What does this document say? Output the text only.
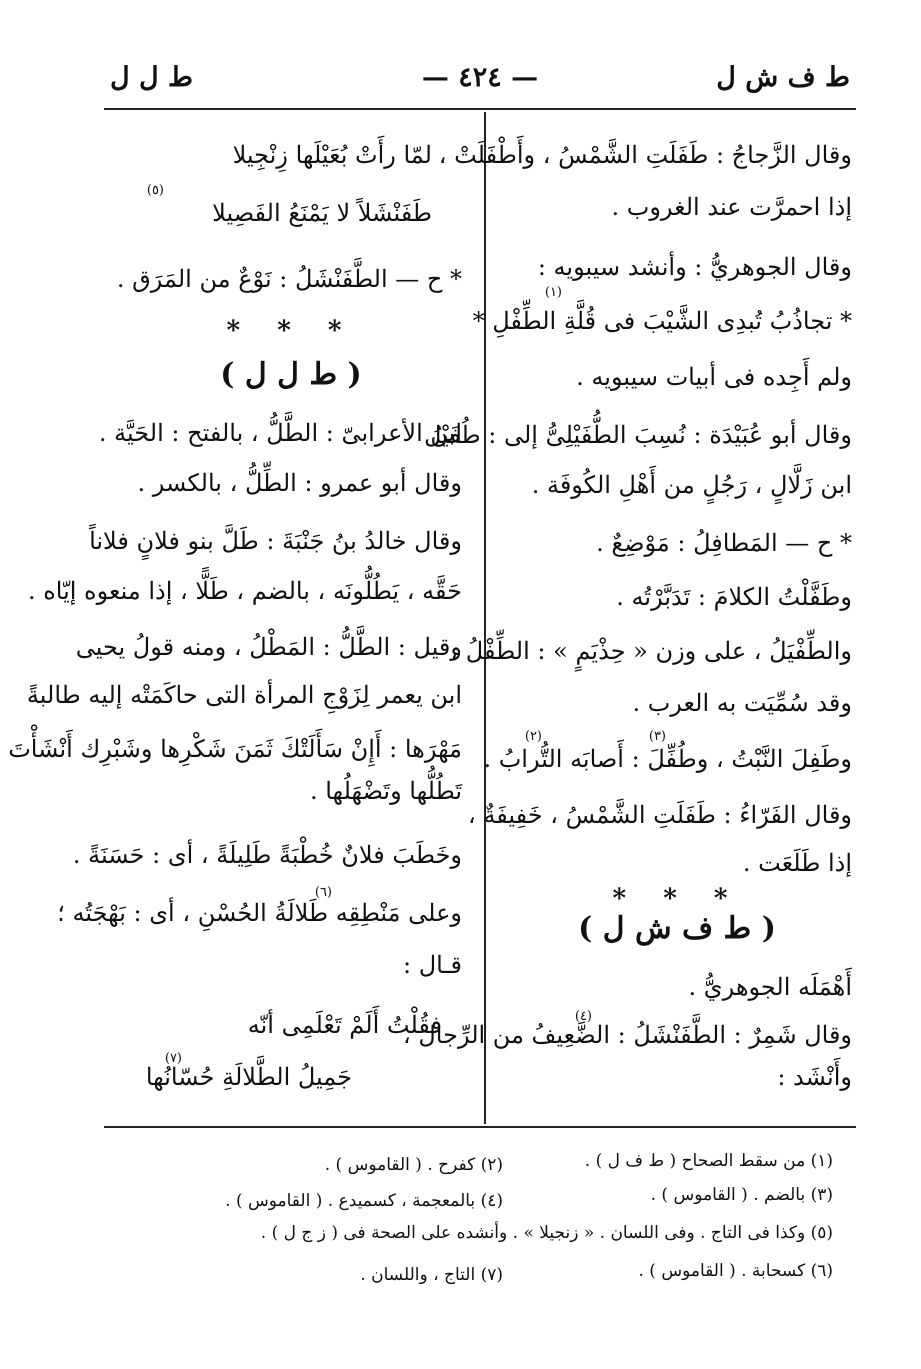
ط ف ش ل
— ٤٢٤ —
ط ل ل
وقال الزَّجاجُ : طَفَلَتِ الشَّمْسُ ، وأَطْفَلَتْ ،
إذا احمرَّت عند الغروب .
وقال الجوهريُّ : وأنشد سيبويه :
(١)
* تجاذُبُ تُبدِى الشَّيْبَ فى قُلَّةِ الطِّفْلِ *
ولم أَجِده فى أبيات سيبويه .
وقال أبو عُبَيْدَة : نُسِبَ الطُّفَيْلِىُّ إلى : طُفَيْل
ابن زَلَّالٍ ، رَجُلٍ من أَهْلِ الكُوفَة .
* ح — المَطافِلُ : مَوْضِعٌ .
وطَفَّلْتُ الكلامَ : تَدَبَّرْتُه .
والطِّفْيَلُ ، على وزن « حِذْيَمٍ » : الطِّفْلُ ،
وقد سُمِّيَت به العرب .
(٢)	(٣)
وطَفِلَ النَّبْتُ ، وطُفِّلَ : أَصابَه التُّرابُ .
وقال الفَرّاءُ : طَفَلَتِ الشَّمْسُ ، خَفِيفَةٌ ،
إذا طَلَعَت .
* * *
( ط ف ش ل )
أَهْمَلَه الجوهريُّ .
(٤)
وقال شَمِرٌ : الطَّفَنْشَلُ : الضَّعِيفُ من الرِّجال ،
وأَنْشَد :
لمّا رأَتْ بُعَيْلَها زِنْجِيلا
(٥)
طَفَنْشَلاً لا يَمْنَعُ الفَصِيلا
* ح — الطَّفَنْشَلُ : نَوْعٌ من المَرَق .
* * *
( ط ل ل )
ابنُ الأعرابىّ : الطَّلُّ ، بالفتح : الحَيَّة .
وقال أبو عمرو : الطِّلُّ ، بالكسر .
وقال خالدُ بنُ جَنْبَةَ : طَلَّ بنو فلانٍ فلاناً
حَقَّه ، يَطُلُّونَه ، بالضم ، طَلًّا ، إذا منعوه إيّاه .
وقيل : الطَّلُّ : المَطْلُ ، ومنه قولُ يحيى
ابن يعمر لِزَوْجِ المرأة التى حاكَمَتْه إليه طالبةً
مَهْرَها : أَإِنْ سَأَلَتْكَ ثَمَنَ شَكْرِها وشَبْرِك أَنْشَأْتَ
تَطُلُّها وتَضْهَلُها .
وخَطَبَ فلانٌ خُطْبَةً طَلِيلَةً ، أى : حَسَنَةً .
(٦)
وعلى مَنْطِقِه طَلالَةُ الحُسْنِ ، أى : بَهْجَتُه ؛
قـال :
فقُلْتُ أَلَمْ تَعْلَمِى أنّه
(٧)
جَمِيلُ الطَّلالَةِ حُسّانُها
(١) من سقط الصحاح ( ط ف ل ) .
(٢) كفرح . ( القاموس ) .
(٣) بالضم . ( القاموس ) .
(٤) بالمعجمة ، كسميدع . ( القاموس ) .
(٥) وكذا فى التاج . وفى اللسان . « زنجيلا » . وأنشده على الصحة فى ( ز ج ل ) .
(٦) كسحابة . ( القاموس ) .
(٧) التاج ، واللسان .
